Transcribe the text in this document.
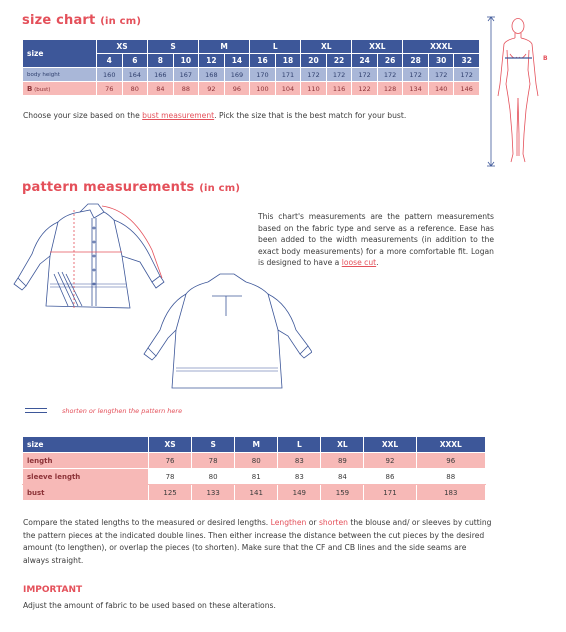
size chart (in cm)
size	XS		S		M		L		XL		XXL		XXXL		
	4	6	8	10	12	14	16	18	20	22	24	26	28	30	32
body height	160	164	166	167	168	169	170	171	172	172	172	172	172	172	172
B (bust)	76	80	84	88	92	96	100	104	110	116	122	128	134	140	146
Choose your size based on the bust measurement. Pick the size that is the best match for your bust.
B
pattern measurements (in cm)
This chart's measurements are the pattern measurements based on the fabric type and serve as a reference. Ease has been added to the width measurements (in addition to the exact body measurements) for a more comfortable fit. Logan is designed to have a loose cut.
shorten or lengthen the pattern here
size	XS	S	M	L	XL	XXL	XXXL
length	76	78	80	83	89	92	96
sleeve length	78	80	81	83	84	86	88
bust	125	133	141	149	159	171	183
Compare the stated lengths to the measured or desired lengths. Lengthen or shorten the blouse and/ or sleeves by cutting the pattern pieces at the indicated double lines. Then either increase the distance between the cut pieces by the desired amount (to lengthen), or overlap the pieces (to shorten). Make sure that the CF and CB lines and the side seams are always straight.
IMPORTANT
Adjust the amount of fabric to be used based on these alterations.
